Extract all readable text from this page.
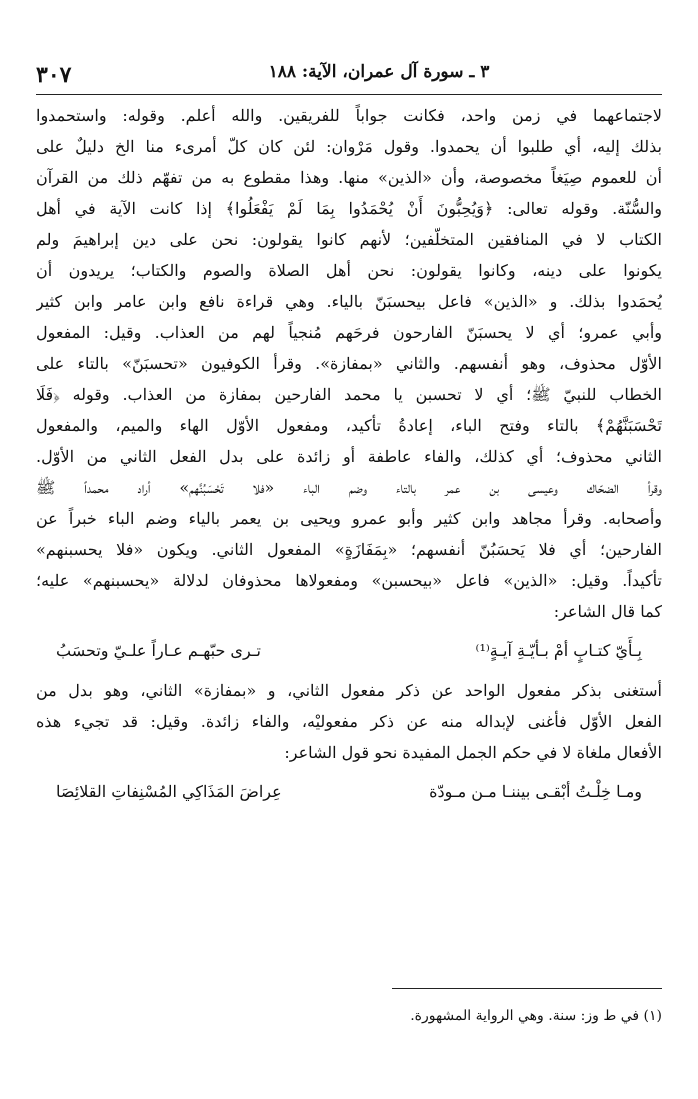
٣ ـ سورة آل عمران، الآية: ١٨٨
٣٠٧
لاجتماعهما في زمن واحد، فكانت جواباً للفريقين. والله أعلم. وقوله: واستحمدوا
بذلك إليه، أي طلبوا أن يحمدوا. وقول مَرْوان: لئن كان كلّ أمرىء منا الخ دليلٌ على
أن للعموم صِيَغاً مخصوصة، وأن «الذين» منها. وهذا مقطوع به من تفهّم ذلك من القرآن
والسُّنّة. وقوله تعالى: ﴿وَيُحِبُّونَ أَنْ يُحْمَدُوا بِمَا لَمْ يَفْعَلُوا﴾ إذا كانت الآية في أهل
الكتاب لا في المنافقين المتخلّفين؛ لأنهم كانوا يقولون: نحن على دين إبراهيمَ ولم
يكونوا على دينه، وكانوا يقولون: نحن أهل الصلاة والصوم والكتاب؛ يريدون أن
يُحمَدوا بذلك. و «الذين» فاعل بيحسبَنّ بالياء. وهي قراءة نافع وابن عامر وابن كثير
وأبي عمرو؛ أي لا يحسبَنّ الفارحون فرحَهم مُنجياً لهم من العذاب. وقيل: المفعول
الأوّل محذوف، وهو أنفسهم. والثاني «بمفازة». وقرأ الكوفيون «تحسبَنّ» بالتاء على
الخطاب للنبيّ ﷺ؛ أي لا تحسبن يا محمد الفارحين بمفازة من العذاب. وقوله ﴿فَلَا
تَحْسَبَنَّهُمْ﴾ بالتاء وفتح الباء، إعادةُ تأكيد، ومفعول الأوّل الهاء والميم، والمفعول
الثاني محذوف؛ أي كذلك، والفاء عاطفة أو زائدة على بدل الفعل الثاني من الأوّل.
وقرأ الضحّاك وعيسى بن عمر بالتاء وضم الباء «فلا تَحْسَبُنَّهم» أراد محمداً ﷺ
وأصحابه. وقرأ مجاهد وابن كثير وأبو عمرو ويحيى بن يعمر بالياء وضم الباء خبراً عن
الفارحين؛ أي فلا يَحسَبُنّ أنفسهم؛ «بِمَفَازَةٍ» المفعول الثاني. ويكون «فلا يحسبنهم»
تأكيداً. وقيل: «الذين» فاعل «بيحسبن» ومفعولاها محذوفان لدلالة «يحسبنهم» عليه؛
كما قال الشاعر:
بِـأَيّ كتـابٍ أمْ بـأيّـةِ آيـةٍ⁽¹⁾
تـرى حبّهـم عـاراً علـيّ وتحسَبُ
أستغنى بذكر مفعول الواحد عن ذكر مفعول الثاني، و «بمفازة» الثاني، وهو بدل من
الفعل الأوّل فأغنى لإبداله منه عن ذكر مفعوليْه، والفاء زائدة. وقيل: قد تجيء هذه
الأفعال ملغاة لا في حكم الجمل المفيدة نحو قول الشاعر:
ومـا خِلْـتُ أبْقـى بيننـا مـن مـودّة
عِراضَ المَذَاكِي المُسْنِفاتِ القلائِصَا
(١) في ط وز: سنة. وهي الرواية المشهورة.
